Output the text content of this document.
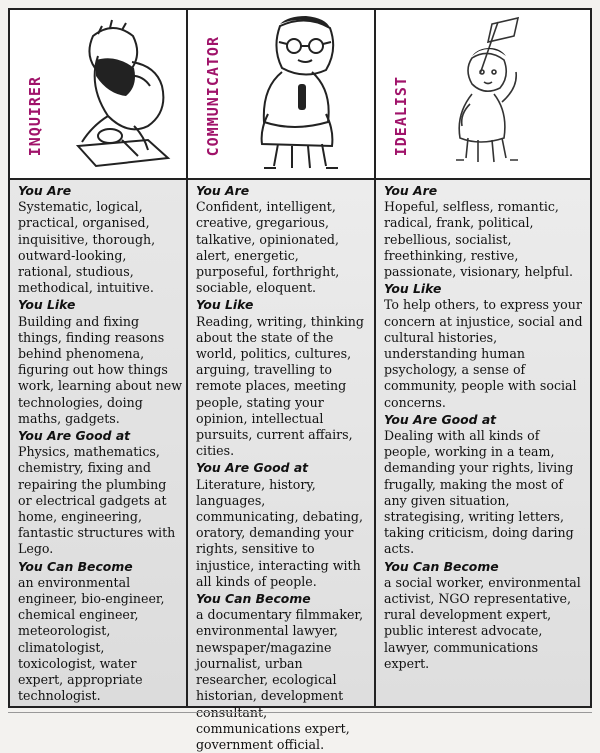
INQUIRER
You Are

Systematic, logical, practical, organised, inquisitive, thorough, outward-looking, rational, studious, methodical, intuitive.

You Like

Building and fixing things, finding reasons behind phenomena, figuring out how things work, learning about new technologies, doing maths, gadgets.

You Are Good at

Physics, mathematics, chemistry, fixing and repairing the plumbing or electrical gadgets at home, engineering, fantastic structures with Lego.

You Can Become

an environmental engineer, bio-engineer, chemical engineer, meteorologist, climatologist, toxicologist, water expert, appropriate technologist.

COMMUNICATOR
You Are

Confident, intelligent, creative, gregarious, talkative, opinionated, alert, energetic, purposeful, forthright, sociable, eloquent.

You Like

Reading, writing, thinking about the state of the world, politics, cultures, arguing, travelling to remote places, meeting people, stating your opinion, intellectual pursuits, current affairs, cities.

You Are Good at

Literature, history, languages, communicating, debating, oratory, demanding your rights, sensitive to injustice, interacting with all kinds of people.

You Can Become

a documentary filmmaker, environmental lawyer, newspaper/magazine journalist, urban researcher, ecological historian, development consultant, communications expert, government official.

IDEALIST
You Are

Hopeful, selfless, romantic, radical, frank, political, rebellious, socialist, freethinking, restive, passionate, visionary, helpful.

You Like

To help others, to express your concern at injustice, social and cultural histories, understanding human psychology, a sense of community, people with social concerns.

You Are Good at

Dealing with all kinds of people, working in a team, demanding your rights, living frugally, making the most of any given situation, strategising, writing letters, taking criticism, doing daring acts.

You Can Become

a social worker, environmental activist, NGO representative, rural development expert, public interest advocate, lawyer, communications expert.
